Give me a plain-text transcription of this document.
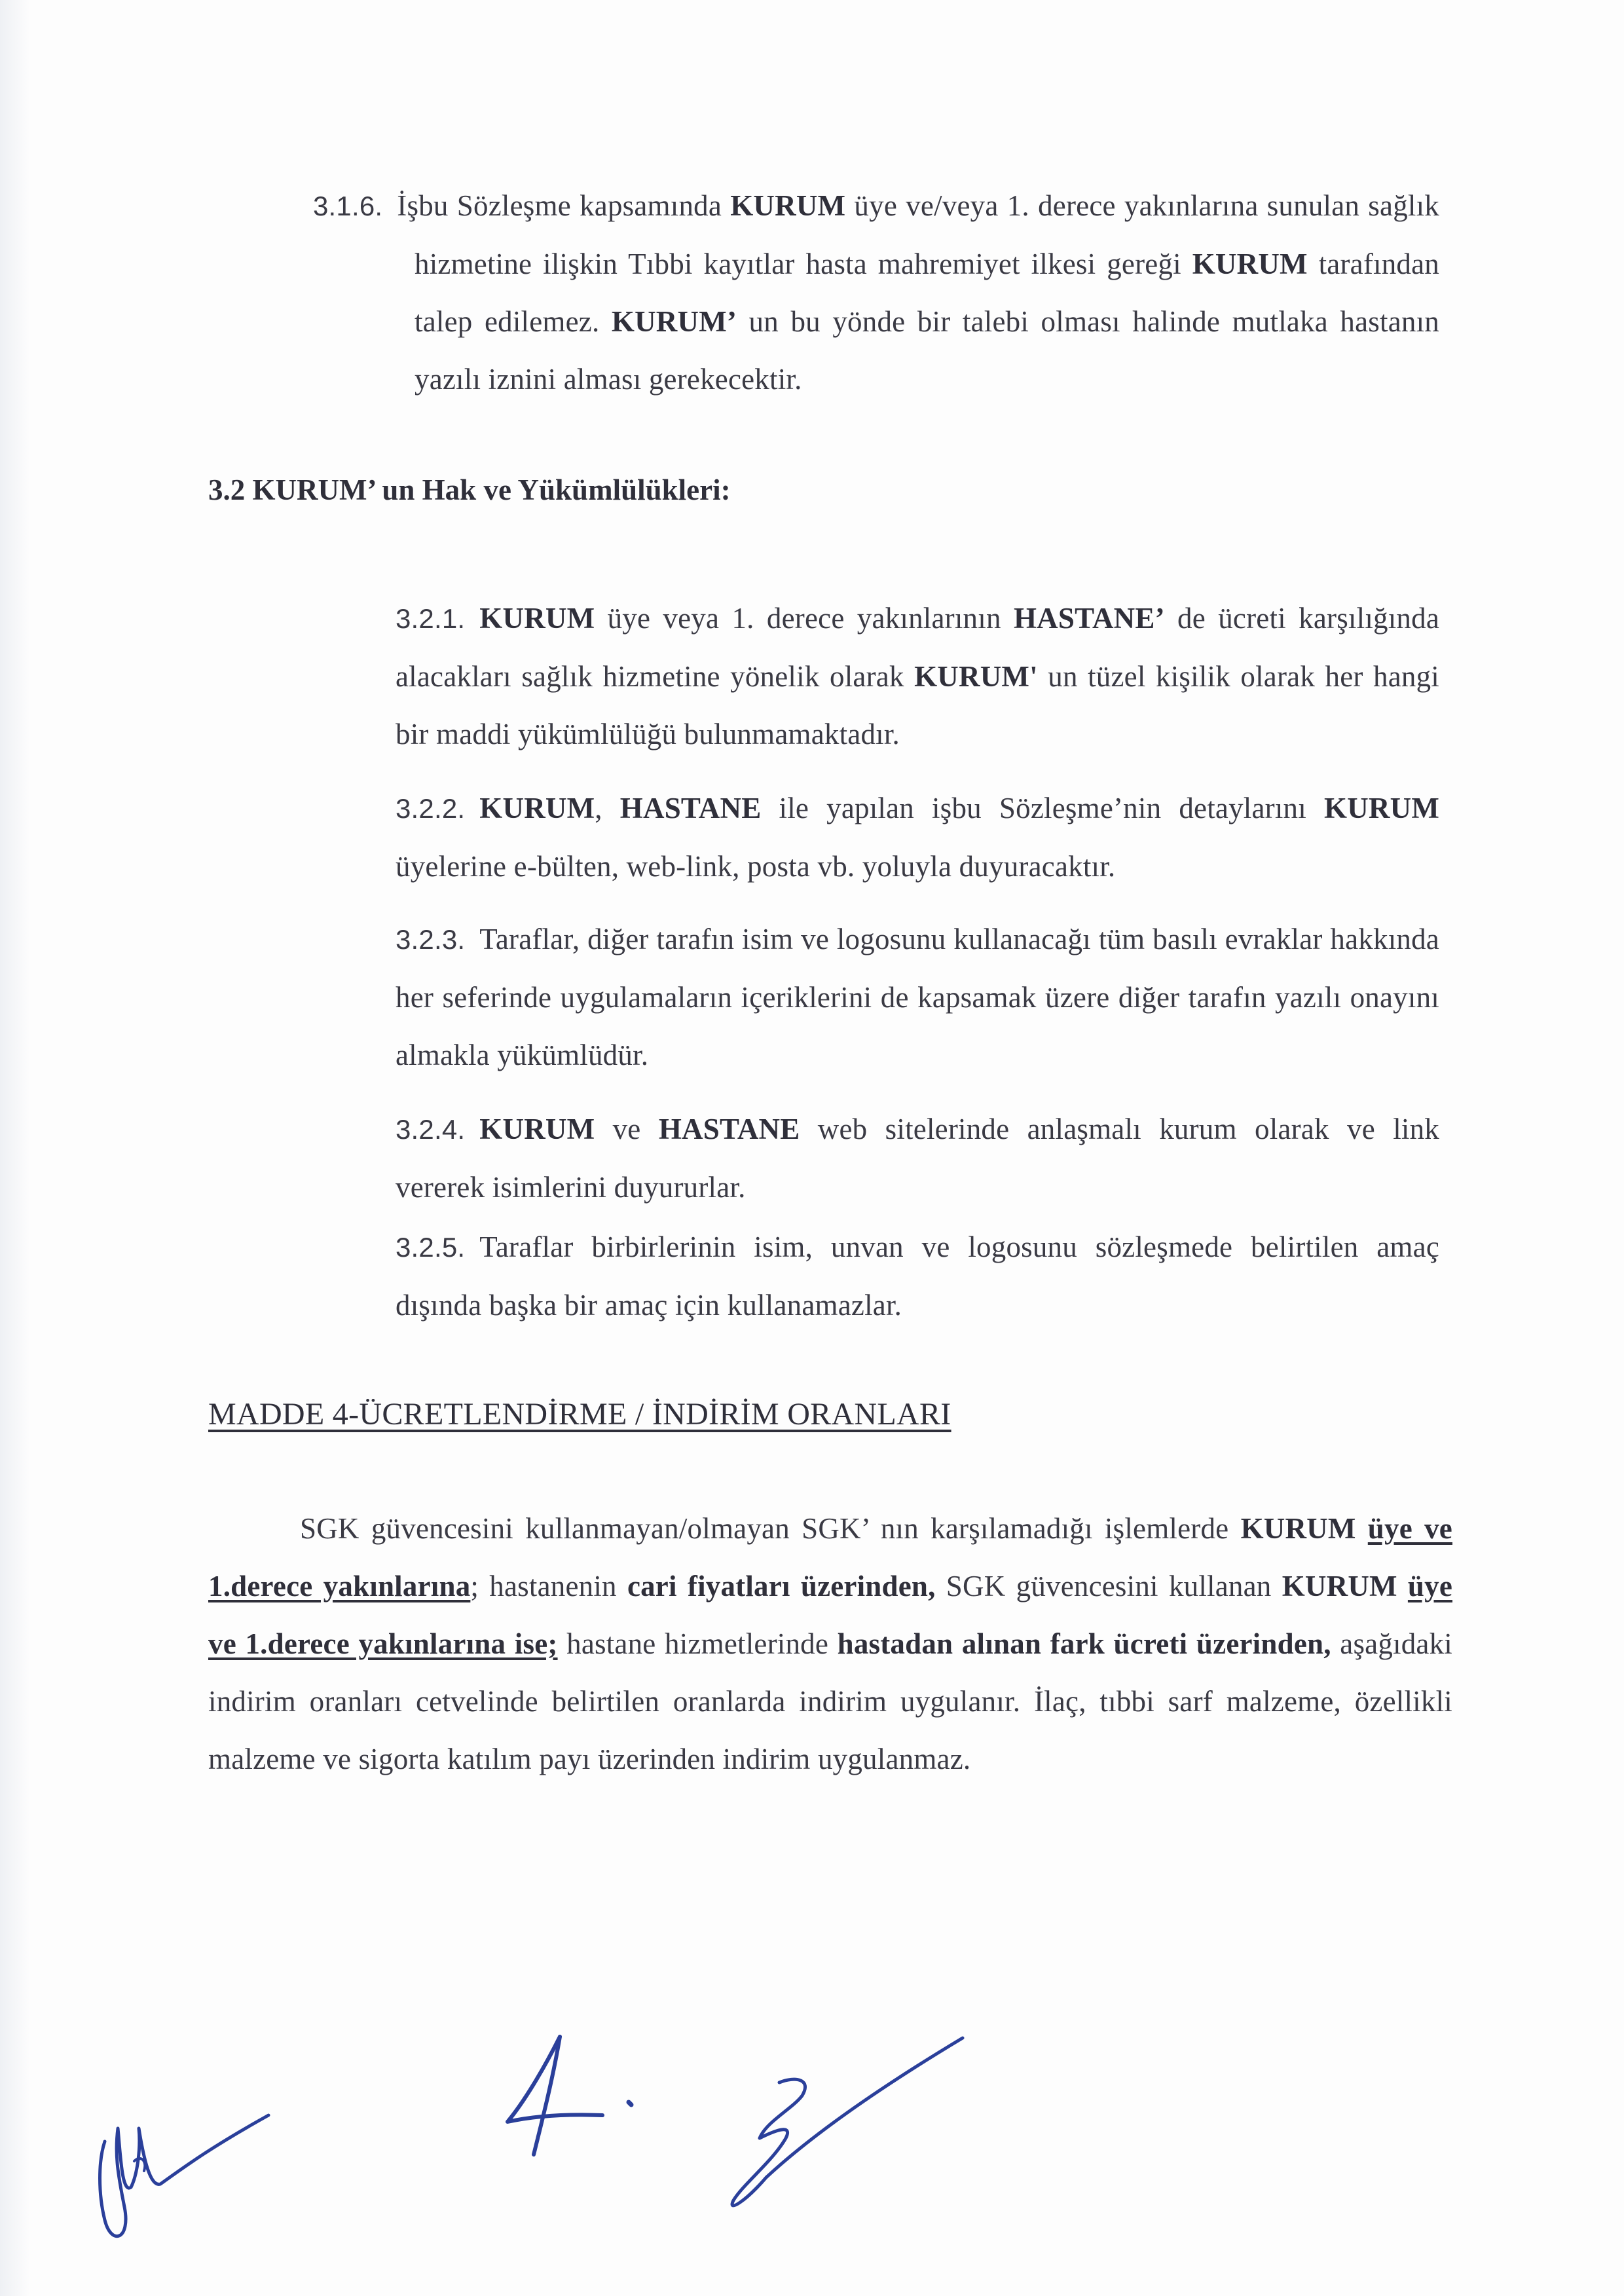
3.1.6. İşbu Sözleşme kapsamında KURUM üye ve/veya 1. derece yakınlarına sunulan sağlık hizmetine ilişkin Tıbbi kayıtlar hasta mahremiyet ilkesi gereği KURUM tarafından talep edilemez. KURUM’ un bu yönde bir talebi olması halinde mutlaka hastanın yazılı iznini alması gerekecektir.

3.2 KURUM’ un Hak ve Yükümlülükleri:

3.2.1. KURUM üye veya 1. derece yakınlarının HASTANE’ de ücreti karşılığında alacakları sağlık hizmetine yönelik olarak KURUM' un tüzel kişilik olarak her hangi bir maddi yükümlülüğü bulunmamaktadır.

3.2.2. KURUM, HASTANE ile yapılan işbu Sözleşme’nin detaylarını KURUM üyelerine e-bülten, web-link, posta vb. yoluyla duyuracaktır.

3.2.3. Taraflar, diğer tarafın isim ve logosunu kullanacağı tüm basılı evraklar hakkında her seferinde uygulamaların içeriklerini de kapsamak üzere diğer tarafın yazılı onayını almakla yükümlüdür.

3.2.4. KURUM ve HASTANE web sitelerinde anlaşmalı kurum olarak ve link vererek isimlerini duyururlar.

3.2.5. Taraflar birbirlerinin isim, unvan ve logosunu sözleşmede belirtilen amaç dışında başka bir amaç için kullanamazlar.

MADDE 4-ÜCRETLENDİRME / İNDİRİM ORANLARI

SGK güvencesini kullanmayan/olmayan SGK’ nın karşılamadığı işlemlerde KURUM üye ve 1.derece yakınlarına; hastanenin cari fiyatları üzerinden, SGK güvencesini kullanan KURUM üye ve 1.derece yakınlarına ise; hastane hizmetlerinde hastadan alınan fark ücreti üzerinden, aşağıdaki indirim oranları cetvelinde belirtilen oranlarda indirim uygulanır. İlaç, tıbbi sarf malzeme, özellikli malzeme ve sigorta katılım payı üzerinden indirim uygulanmaz.
